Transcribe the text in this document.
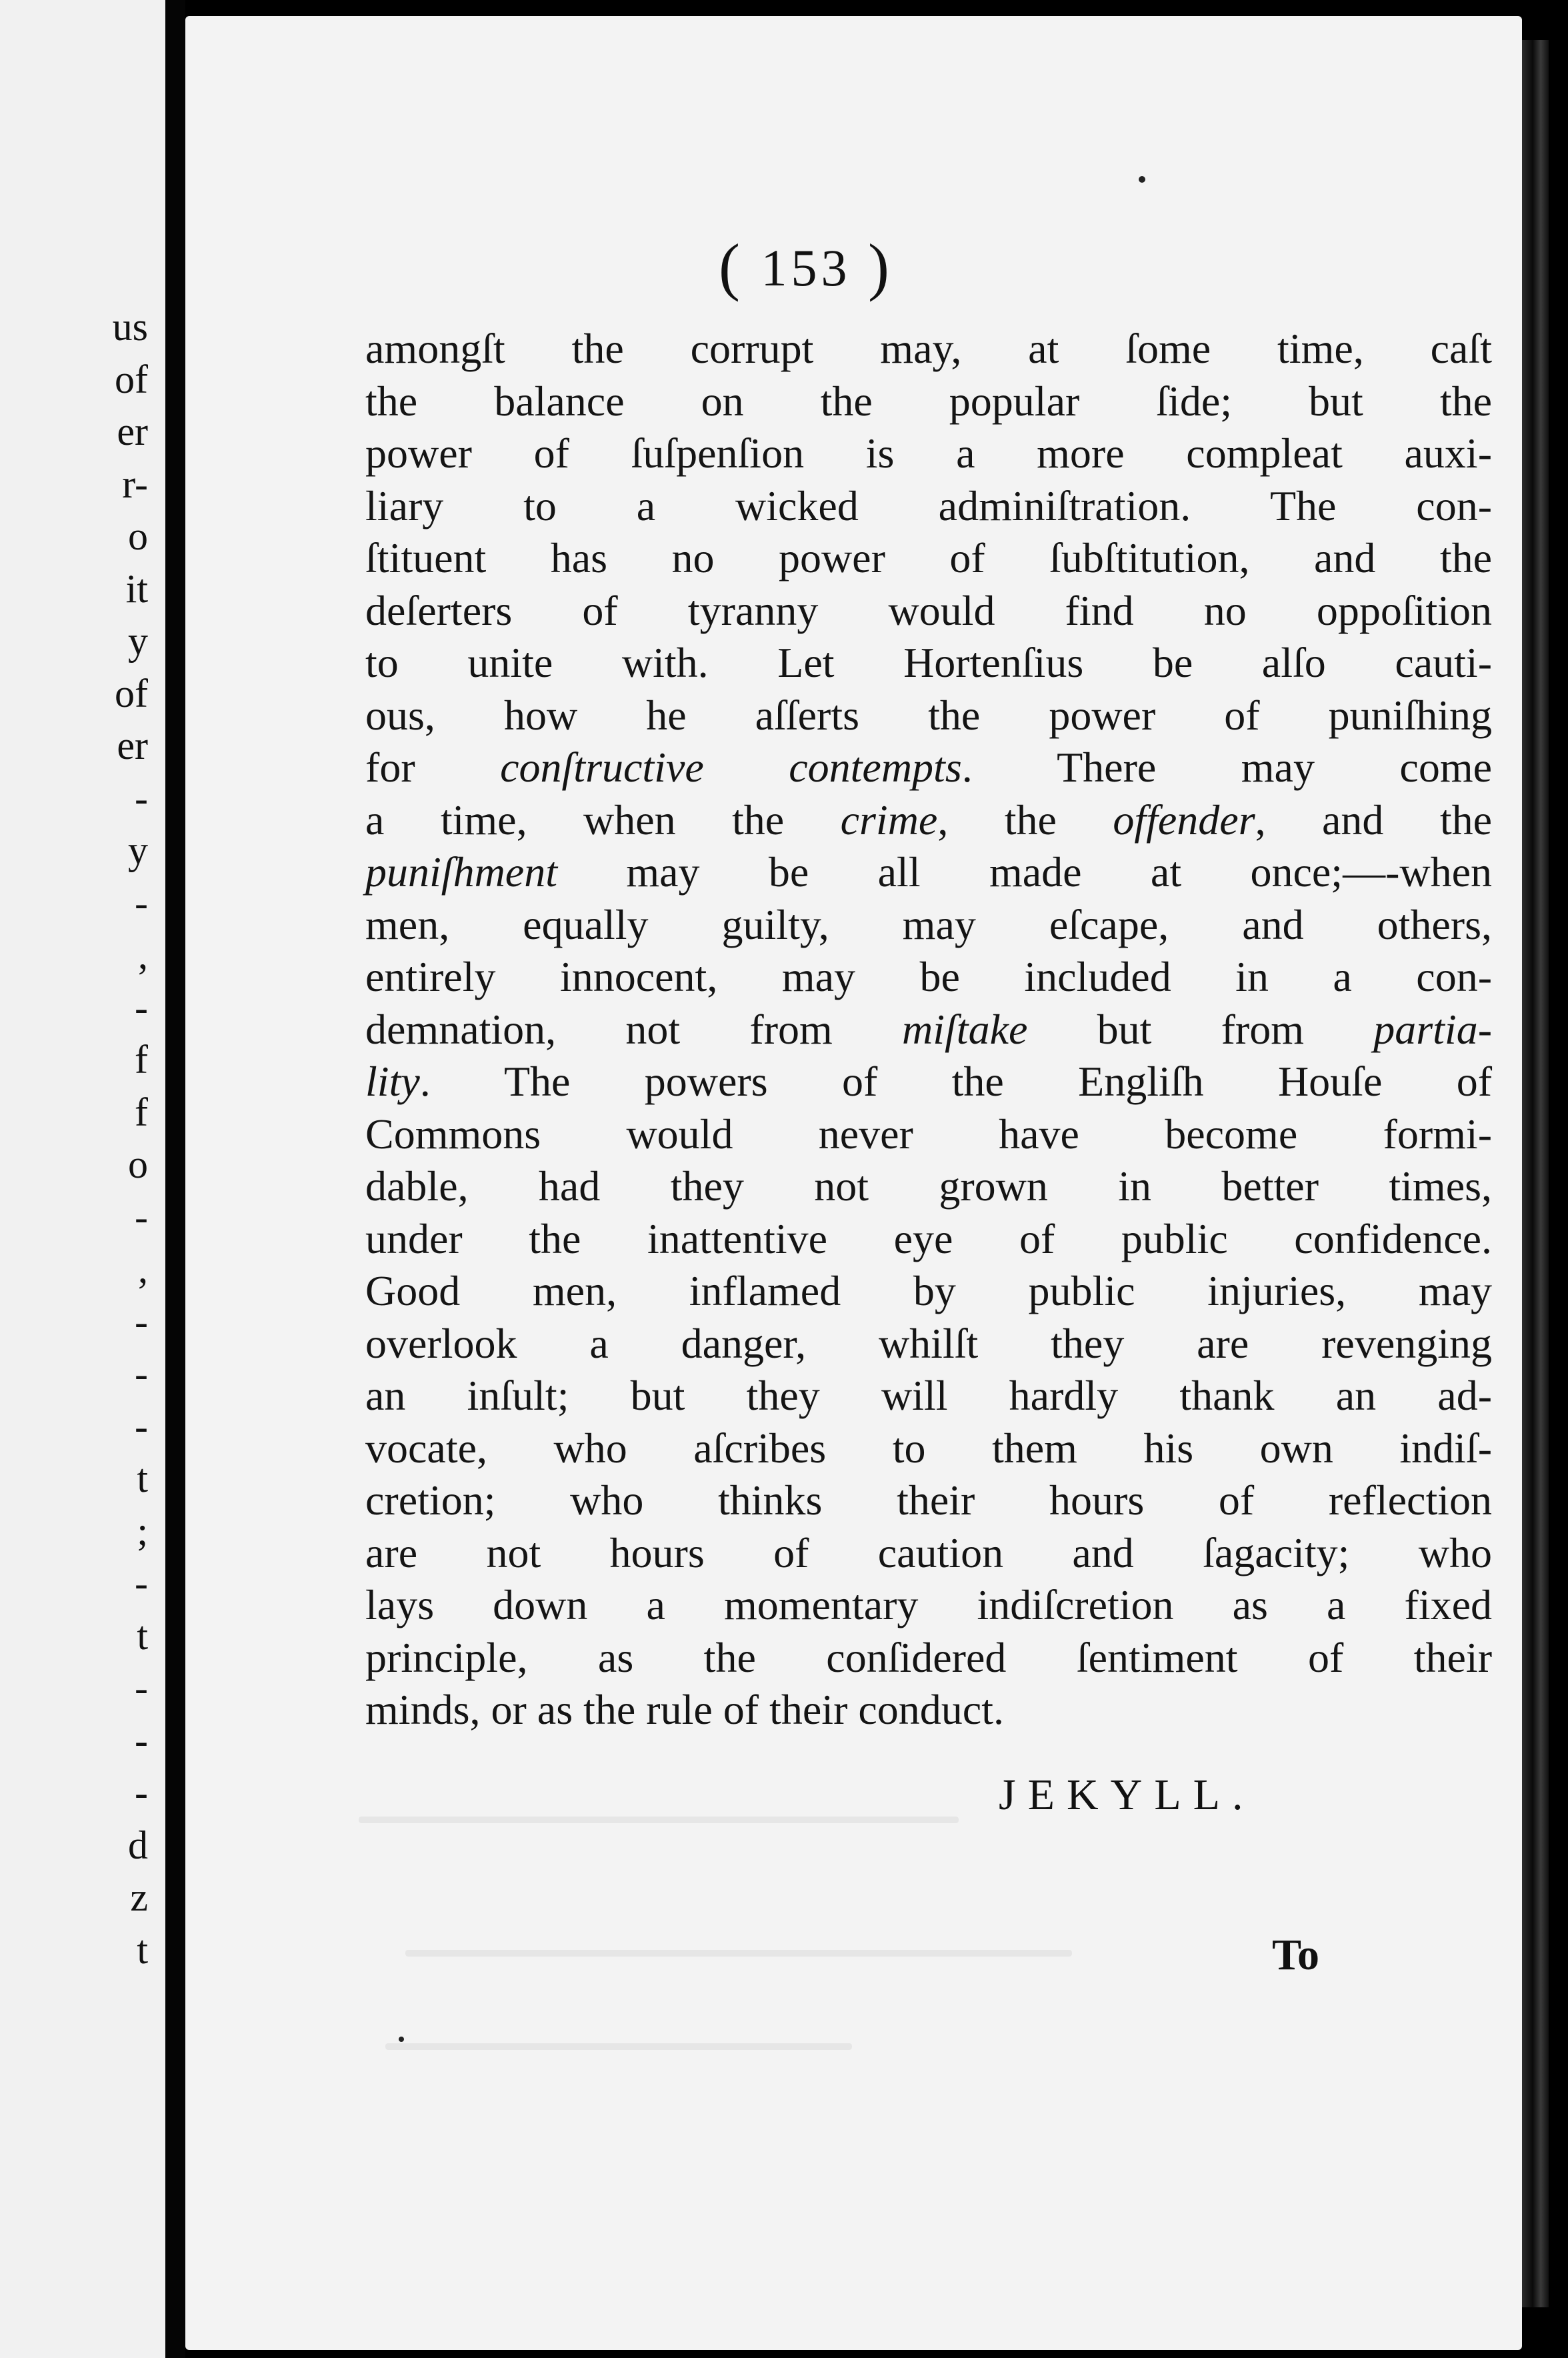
us
of
er
r-
o
it
y
of
er
-
y
-
,
-
f
f
o
-
,
-
-
-
t
;
-
t
-
-
-
d
z
t
( 153 )
amongſt the corrupt may, at ſome time, caſt
the balance on the popular ſide; but the
power of ſuſpenſion is a more compleat auxi-
liary to a wicked adminiſtration. The con-
ſtituent has no power of ſubſtitution, and the
deſerters of tyranny would find no oppoſition
to unite with. Let Hortenſius be alſo cauti-
ous, how he aſſerts the power of puniſhing
for conſtructive contempts. There may come
a time, when the crime, the offender, and the
puniſhment may be all made at once;—-when
men, equally guilty, may eſcape, and others,
entirely innocent, may be included in a con-
demnation, not from miſtake but from partia-
lity. The powers of the Engliſh Houſe of
Commons would never have become formi-
dable, had they not grown in better times,
under the inattentive eye of public confidence.
Good men, inflamed by public injuries, may
overlook a danger, whilſt they are revenging
an inſult; but they will hardly thank an ad-
vocate, who aſcribes to them his own indiſ-
cretion; who thinks their hours of reflection
are not hours of caution and ſagacity; who
lays down a momentary indiſcretion as a fixed
principle, as the conſidered ſentiment of their
minds, or as the rule of their conduct.
JEKYLL.
To
